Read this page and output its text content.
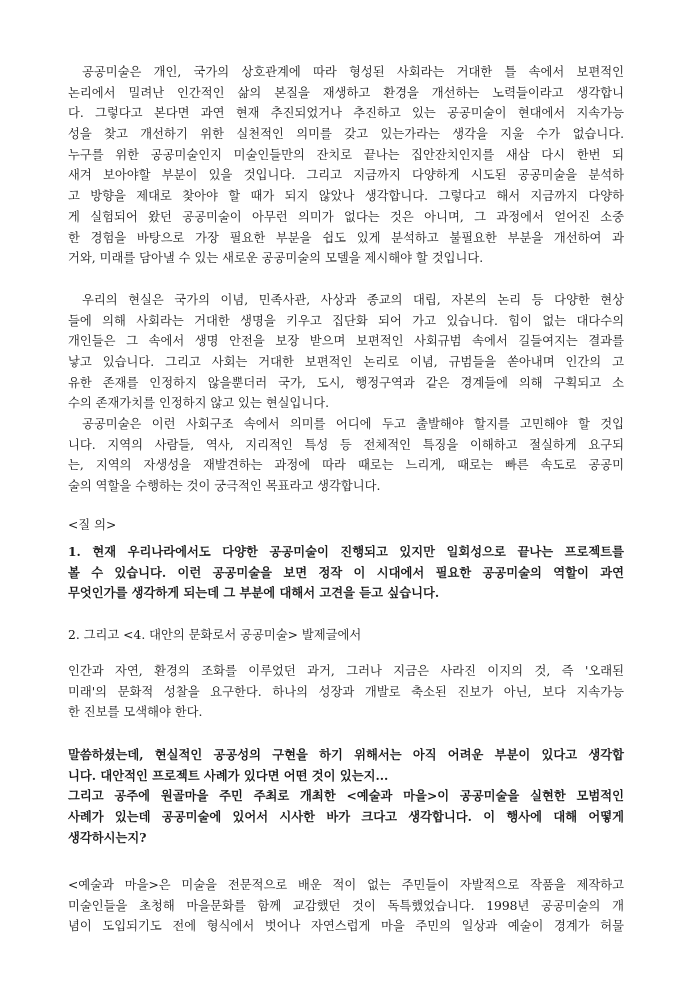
공공미술은 개인, 국가의 상호관계에 따라 형성된 사회라는 거대한 틀 속에서 보편적인
논리에서 밀려난 인간적인 삶의 본질을 재생하고 환경을 개선하는 노력들이라고 생각합니
다. 그렇다고 본다면 과연 현재 추진되었거나 추진하고 있는 공공미술이 현대에서 지속가능
성을 찾고 개선하기 위한 실천적인 의미를 갖고 있는가라는 생각을 지울 수가 없습니다.
누구를 위한 공공미술인지 미술인들만의 잔치로 끝나는 집안잔치인지를 새삼 다시 한번 되
새겨 보아야할 부분이 있을 것입니다. 그리고 지금까지 다양하게 시도된 공공미술을 분석하
고 방향을 제대로 찾아야 할 때가 되지 않았나 생각합니다. 그렇다고 해서 지금까지 다양하
게 실험되어 왔던 공공미술이 아무런 의미가 없다는 것은 아니며, 그 과정에서 얻어진 소중
한 경험을 바탕으로 가장 필요한 부분을 쉽도 있게 분석하고 불필요한 부분을 개선하여 과
거와, 미래를 담아낼 수 있는 새로운 공공미술의 모델을 제시해야 할 것입니다.
우리의 현실은 국가의 이념, 민족사관, 사상과 종교의 대립, 자본의 논리 등 다양한 현상
들에 의해 사회라는 거대한 생명을 키우고 집단화 되어 가고 있습니다. 힘이 없는 대다수의
개인들은 그 속에서 생명 안전을 보장 받으며 보편적인 사회규범 속에서 길들여지는 결과를
낳고 있습니다. 그리고 사회는 거대한 보편적인 논리로 이념, 규범들을 쏟아내며 인간의 고
유한 존재를 인정하지 않을뿐더러 국가, 도시, 행정구역과 같은 경계들에 의해 구획되고 소
수의 존재가치를 인정하지 않고 있는 현실입니다.
공공미술은 이런 사회구조 속에서 의미를 어디에 두고 출발해야 할지를 고민해야 할 것입
니다. 지역의 사람들, 역사, 지리적인 특성 등 전체적인 특징을 이해하고 절실하게 요구되
는, 지역의 자생성을 재발견하는 과정에 따라 때로는 느리게, 때로는 빠른 속도로 공공미
술의 역할을 수행하는 것이 궁극적인 목표라고 생각합니다.
<질 의>
1. 현재 우리나라에서도 다양한 공공미술이 진행되고 있지만 일회성으로 끝나는 프로젝트를
볼 수 있습니다. 이런 공공미술을 보면 정작 이 시대에서 필요한 공공미술의 역할이 과연
무엇인가를 생각하게 되는데 그 부분에 대해서 고견을 듣고 싶습니다.
2. 그리고 <4. 대안의 문화로서 공공미술> 발제글에서
인간과 자연, 환경의 조화를 이루었던 과거, 그러나 지금은 사라진 이지의 것, 즉 '오래된
미래'의 문화적 성찰을 요구한다. 하나의 성장과 개발로 축소된 진보가 아닌, 보다 지속가능
한 진보를 모색해야 한다.
말씀하셨는데, 현실적인 공공성의 구현을 하기 위해서는 아직 어려운 부분이 있다고 생각합
니다. 대안적인 프로젝트 사례가 있다면 어떤 것이 있는지...
그리고 공주에 원골마을 주민 주최로 개최한 <예술과 마을>이 공공미술을 실현한 모범적인
사례가 있는데 공공미술에 있어서 시사한 바가 크다고 생각합니다. 이 행사에 대해 어떻게
생각하시는지?
<예술과 마을>은 미술을 전문적으로 배운 적이 없는 주민들이 자발적으로 작품을 제작하고
미술인들을 초청해 마을문화를 함께 교감했던 것이 독특했었습니다. 1998년 공공미술의 개
념이 도입되기도 전에 형식에서 벗어나 자연스럽게 마을 주민의 일상과 예술이 경계가 허물
